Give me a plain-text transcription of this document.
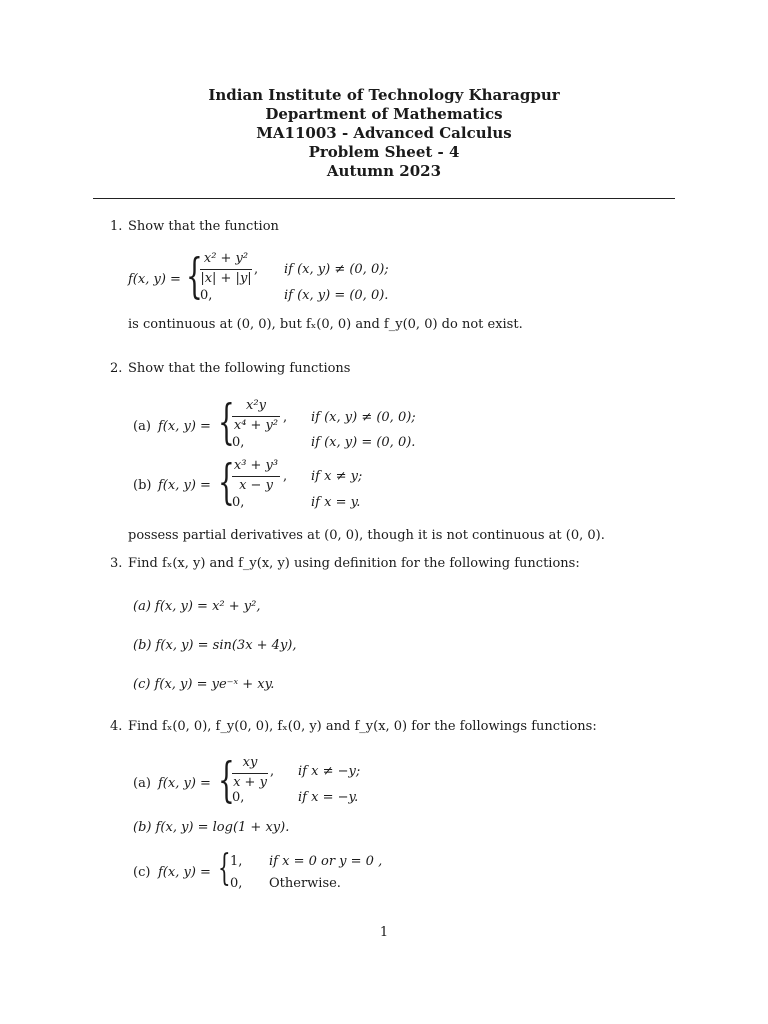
Indian Institute of Technology Kharagpur
Department of Mathematics
MA11003 - Advanced Calculus
Problem Sheet - 4
Autumn 2023
1. Show that the function
f(x, y) = { x² + y²
|x| + |y|
, if (x, y) ≠ (0, 0);
0,	if (x, y) = (0, 0).
is continuous at (0, 0), but fₓ(0, 0) and f_y(0, 0) do not exist.
2. Show that the following functions
(a) f(x, y) = { x²y
x⁴ + y²
, if (x, y) ≠ (0, 0);
0,	if (x, y) = (0, 0).
(b) f(x, y) = { x³ + y³
x − y
, if x ≠ y;
0,	if x = y.
possess partial derivatives at (0, 0), though it is not continuous at (0, 0).
3. Find fₓ(x, y) and f_y(x, y) using definition for the following functions:
(a) f(x, y) = x² + y²,
(b) f(x, y) = sin(3x + 4y),
(c) f(x, y) = ye⁻ˣ + xy.
4. Find fₓ(0, 0), f_y(0, 0), fₓ(0, y) and f_y(x, 0) for the followings functions:
(a) f(x, y) = { xy
x + y
, if x ≠ −y;
0,	if x = −y.
(b) f(x, y) = log(1 + xy).
(c) f(x, y) = { 1, if x = 0 or y = 0 ,
0, Otherwise.
1
